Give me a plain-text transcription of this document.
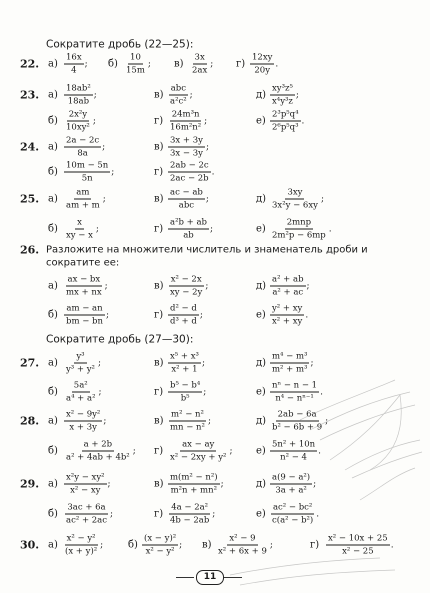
Сократите дробь (22—25):
22. $а) \frac{16x}{4}$ ; $б) \frac{10}{15m}$ ; $в) \frac{3x}{2ax}$ ; $г) \frac{12xy}{20y}$ .
23. $а) \frac{\text{18ab²}}{18ab}$ ;	$в) \frac{\text{abc}}{\text{a²c²}}$ ;	$д) \frac{\text{xy³z⁵}}{\text{x⁴y³z}}$ ;
$б) \frac{\text{2x²y}}{\text{10xy²}}$ ;	$г) \frac{\text{24m³n}}{\text{16m²n²}}$ ;	$е) \frac{\text{2³p⁵q⁴}}{\text{2⁶p⁵q³}}$ .
24. $а) \frac{2a - 2c}{8a}$ ;	$в) \frac{3x + 3y}{3x - 3y}$ ;
$б) \frac{10m - 5n}{5n}$ ;	$г) \frac{2ab - 2c}{2ac - 2b}$ .
25. $а) \frac{am}{am + m}$ ;	$в) \frac{ac - ab}{\text{abc}}$ ;	$д) \frac{3xy}{\text{3x²y − 6xy}}$ ;
$б) \frac{x}{xy - x}$ ;	$г) \frac{\text{a²b + ab}}{ab}$ ;	$е) \frac{\text{2mnp}}{\text{2m²p − 6mp}}$ .
26. Разложите на множители числитель и знаменатель дроби и
сократите ее:
$а) \frac{ax - bx}{mx + nx}$ ;	$в) \frac{\text{x² − 2x}}{xy - 2y}$ ;	$д) \frac{\text{a² + ab}}{\text{a² + ac}}$ ;
$б) \frac{am - an}{bm - bn}$ ;	$г) \frac{\text{d² − d}}{\text{d³ + d}}$ ;	$е) \frac{\text{y² + xy}}{\text{x² + xy}}$ .
Сократите дробь (27—30):
27. $а) \frac{\text{y³}}{\text{y³ + y²}}$ ;	$в) \frac{\text{x⁵ + x³}}{\text{x² + 1}}$ ;	$д) \frac{\text{m⁴ − m³}}{\text{m² + m³}}$ ;
$б) \frac{\text{5a²}}{\text{a⁴ + a²}}$ ;	$г) \frac{\text{b⁵ − b⁴}}{\text{b⁵}}$ ;	$е) \frac{\text{nⁿ − n − 1}}{\text{n⁴ − nⁿ⁻¹}}$ .
28. $а) \frac{\text{x² − 9y²}}{x + 3y}$ ;	$в) \frac{\text{m² − n²}}{\text{mn − n²}}$ ;	$д) \frac{2ab - 6a}{\text{b² − 6b + 9}}$ ;
$б) \frac{a + 2b}{\text{a² + 4ab + 4b²}}$ ; $г) \frac{ax - ay}{\text{x² − 2xy + y²}}$ ; $е) \frac{\text{5n² + 10n}}{\text{n² − 4}}$ .
29. $а) \frac{\text{x²y − xy²}}{\text{x² − xy}}$ ;	$в) \frac{\text{m(m² − n²)}}{\text{m²n + mn²}}$ ;	$д) \frac{\text{a(9 − a²)}}{\text{3a + a²}}$ ;
$б) \frac{3ac + 6a}{\text{ac² + 2ac}}$ ;	$г) \frac{\text{4a − 2a²}}{4b - 2ab}$ ;	$е) \frac{\text{ac² − bc²}}{\text{c(a² − b²)}}$ .
30. $а) \frac{\text{x² − y²}}{\text{(x + y)²}}$ ; $б) \frac{\text{(x − y)²}}{\text{x² − y²}}$ ; $в) \frac{\text{x² − 9}}{\text{x² + 6x + 9}}$ ;	$г) \frac{\text{x² − 10x + 25}}{\text{x² − 25}}$ .
11
